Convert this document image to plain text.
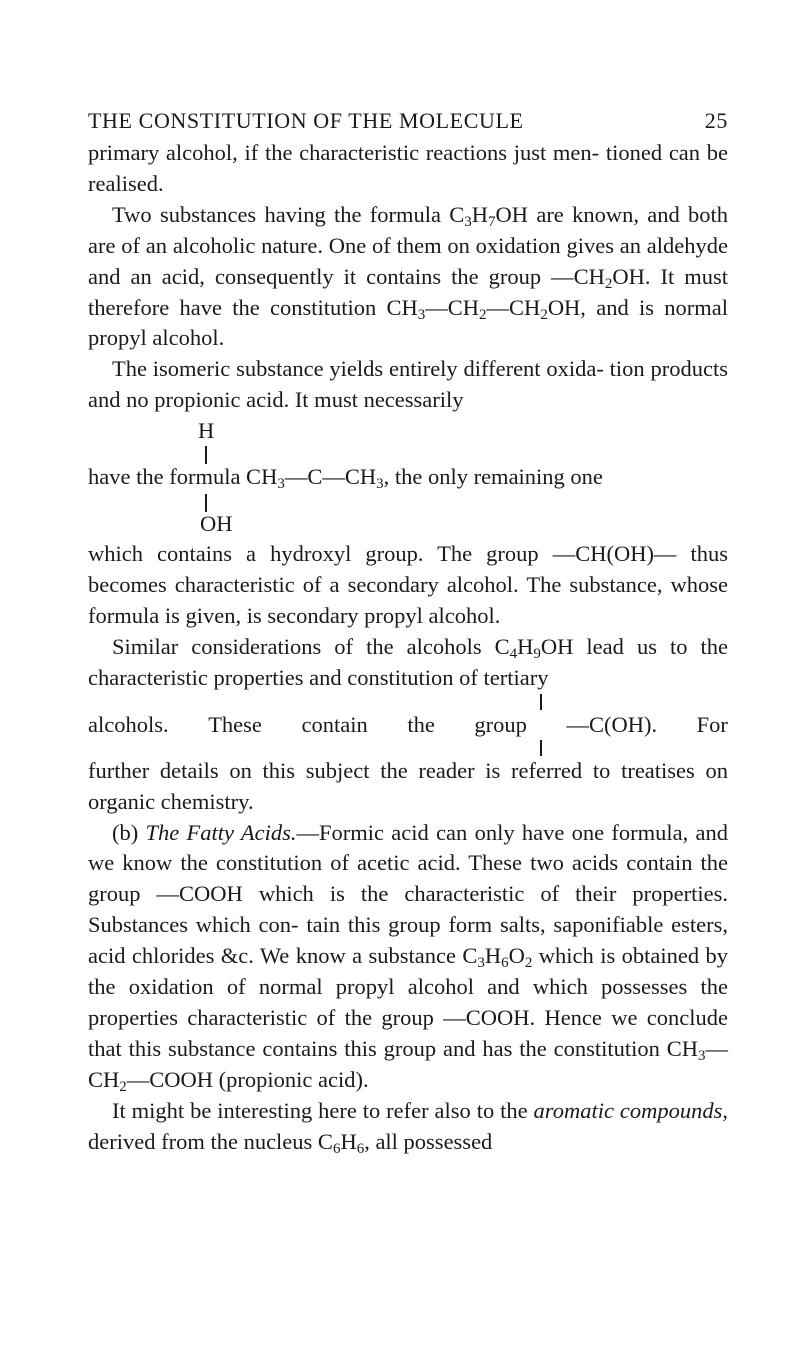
THE CONSTITUTION OF THE MOLECULE	25

primary alcohol, if the characteristic reactions just men- tioned can be realised.

Two substances having the formula $C_3H_7OH$ are known, and both are of an alcoholic nature. One of them on oxidation gives an aldehyde and an acid, consequently it contains the group $—CH_2OH$. It must therefore have the constitution $CH_3—CH_2—CH_2OH$, and is normal propyl alcohol.

The isomeric substance yields entirely different oxida- tion products and no propionic acid. It must necessarily

H
have the formula $CH_3—C—CH_3$, the only remaining one
OH

which contains a hydroxyl group. The group —CH(OH)— thus becomes characteristic of a secondary alcohol. The substance, whose formula is given, is secondary propyl alcohol.

Similar considerations of the alcohols $C_4H_9OH$ lead us to the characteristic properties and constitution of tertiary

alcohols. These contain the group —C(OH). For

further details on this subject the reader is referred to treatises on organic chemistry.

(b) The Fatty Acids.—Formic acid can only have one formula, and we know the constitution of acetic acid. These two acids contain the group —COOH which is the characteristic of their properties. Substances which con- tain this group form salts, saponifiable esters, acid chlorides &c. We know a substance $C_3H_6O_2$ which is obtained by the oxidation of normal propyl alcohol and which possesses the properties characteristic of the group —COOH. Hence we conclude that this substance contains this group and has the constitution $CH_3—CH_2—COOH$ (propionic acid).

It might be interesting here to refer also to the aromatic compounds, derived from the nucleus $C_6H_6$, all possessed
